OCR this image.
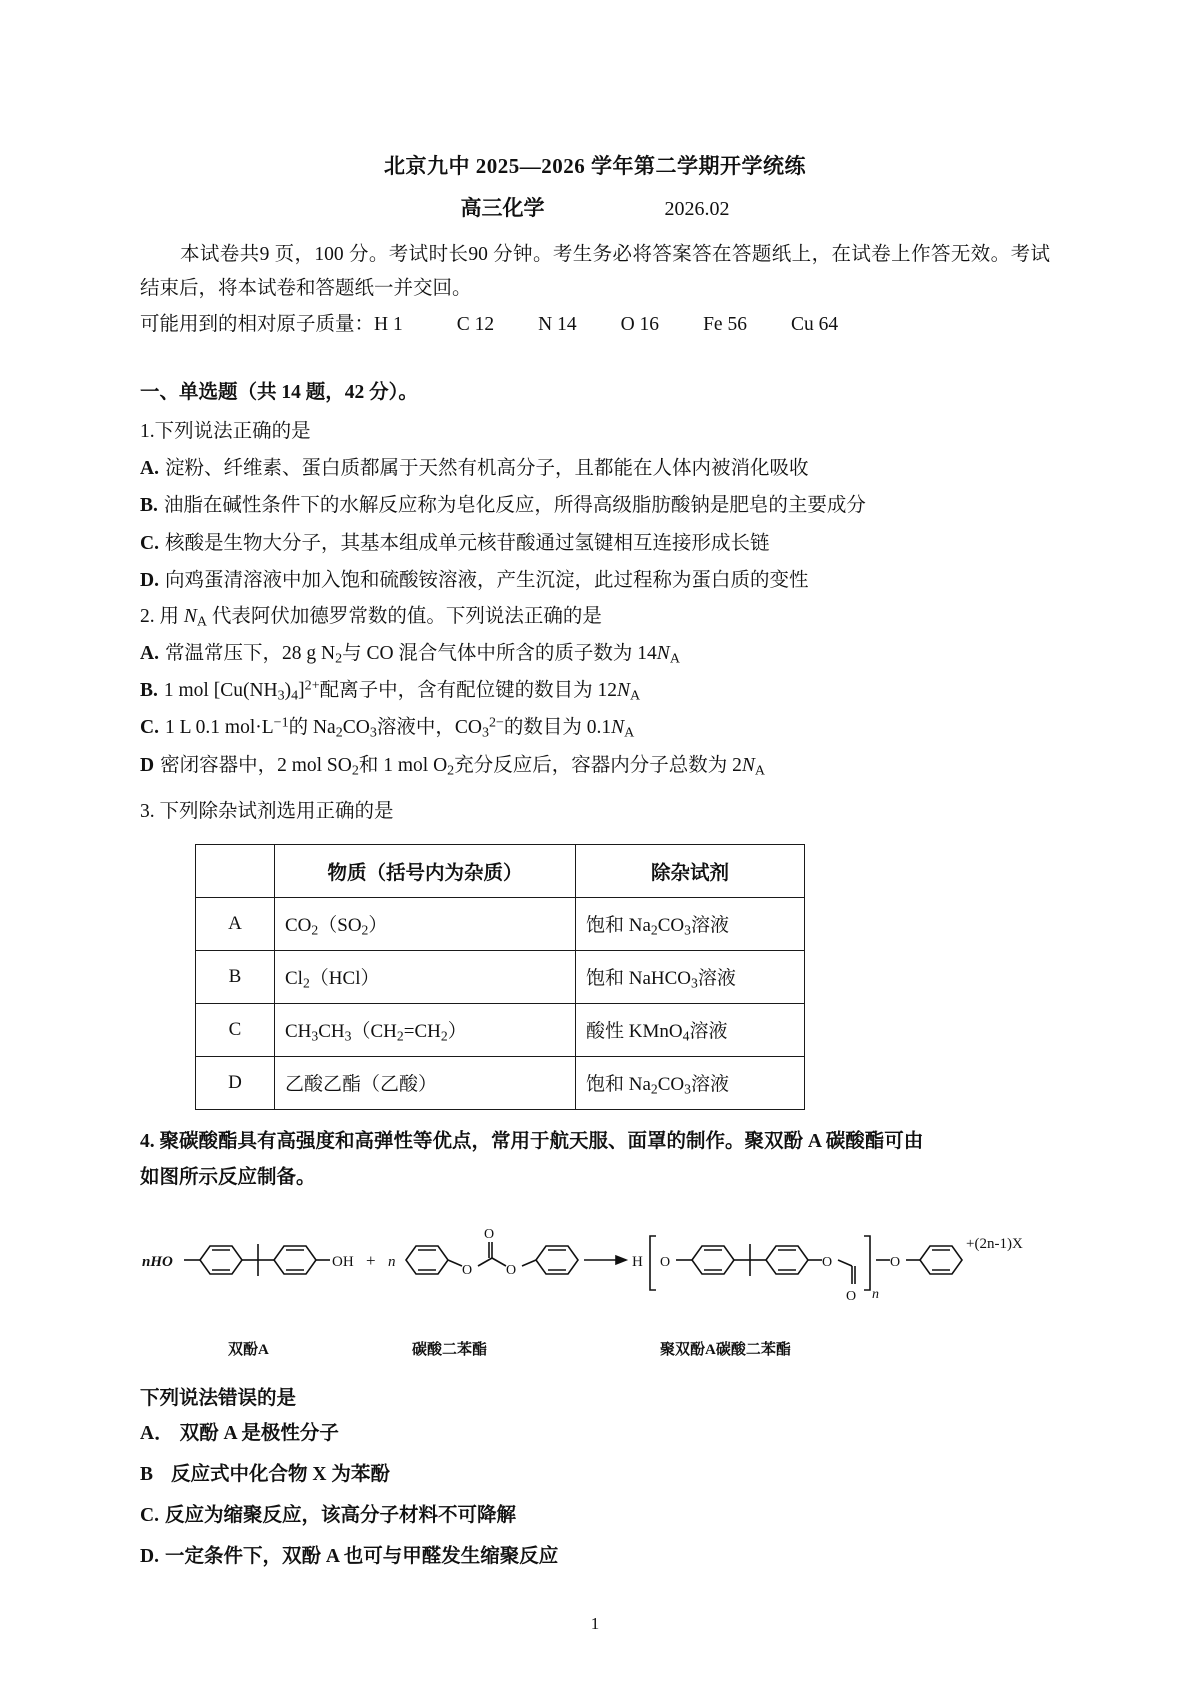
北京九中 2025—2026 学年第二学期开学统练
高三化学	2026.02

本试卷共9 页，100 分。考试时长90 分钟。考生务必将答案答在答题纸上，在试卷上作答无效。考试结束后，将本试卷和答题纸一并交回。

可能用到的相对原子质量：H 1	C 12 N 14 O 16 Fe 56 Cu 64

一、单选题（共 14 题，42 分）。

1.下列说法正确的是

A. 淀粉、纤维素、蛋白质都属于天然有机高分子，且都能在人体内被消化吸收

B. 油脂在碱性条件下的水解反应称为皂化反应，所得高级脂肪酸钠是肥皂的主要成分

C. 核酸是生物大分子，其基本组成单元核苷酸通过氢键相互连接形成长链

D. 向鸡蛋清溶液中加入饱和硫酸铵溶液，产生沉淀，此过程称为蛋白质的变性

2. 用 $N_A$ 代表阿伏加德罗常数的值。下列说法正确的是

A. 常温常压下，28 g $N_2$与 CO 混合气体中所含的质子数为 $14N_A$

B. 1 mol $[Cu(NH_3)_4]^{2+}$配离子中，含有配位键的数目为 $12N_A$

C. 1 L 0.1 $mol\cdot L^{-1}$的 $Na_2CO_3$溶液中，$CO_3^{2-}$的数目为 $0.1N_A$

D 密闭容器中，2 mol $SO_2$和 1 mol $O_2$充分反应后，容器内分子总数为 $2N_A$

3. 下列除杂试剂选用正确的是

	物质（括号内为杂质）	除杂试剂
A	$CO_2(SO_2)$	饱和 $Na_2CO_3$溶液
B	$Cl_2(HCl)$	饱和 NaHCO$_3$溶液
C	$CH_3CH_3(CH_2=CH_2)$	酸性 KMnO$_4$溶液
D	乙酸乙酯（乙酸）	饱和 $Na_2CO_3$溶液

4. 聚碳酸酯具有高强度和高弹性等优点，常用于航天服、面罩的制作。聚双酚 A 碳酸酯可由

如图所示反应制备。

nHO	OH + n
O
O
O
H O	O
O n
O
+(2n-1)X
双酚A	碳酸二苯酯	聚双酚A碳酸二苯酯

下列说法错误的是

A． 双酚 A 是极性分子

B 反应式中化合物 X 为苯酚

C. 反应为缩聚反应，该高分子材料不可降解

D. 一定条件下，双酚 A 也可与甲醛发生缩聚反应

1
